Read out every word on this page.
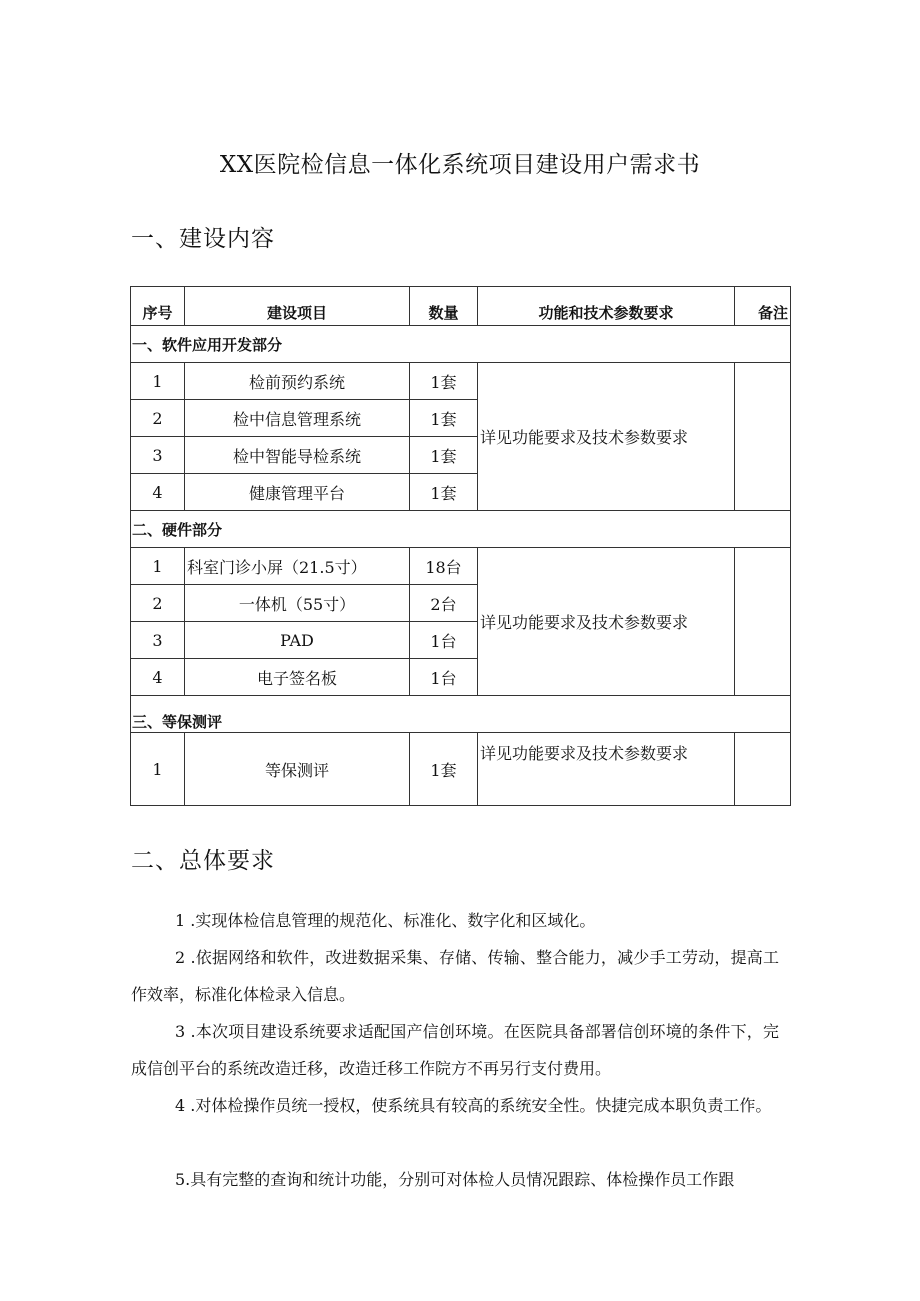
XX医院检信息一体化系统项目建设用户需求书
一、建设内容
序号	建设项目	数量	功能和技术参数要求	备注
一、软件应用开发部分				
1	检前预约系统	1套	详见功能要求及技术参数要求	
2	检中信息管理系统	1套		
3	检中智能导检系统	1套		
4	健康管理平台	1套		
二、硬件部分				
1	科室门诊小屏（21.5寸）	18台	详见功能要求及技术参数要求	
2	一体机（55寸）	2台		
3	PAD	1台		
4	电子签名板	1台		
三、等保测评				
1	等保测评	1套	详见功能要求及技术参数要求	
二、总体要求

1 .实现体检信息管理的规范化、标准化、数字化和区域化。

2 .依据网络和软件，改进数据采集、存储、传输、整合能力，减少手工劳动，提高工作效率，标准化体检录入信息。

3 .本次项目建设系统要求适配国产信创环境。在医院具备部署信创环境的条件下，完成信创平台的系统改造迁移，改造迁移工作院方不再另行支付费用。

4 .对体检操作员统一授权，使系统具有较高的系统安全性。快捷完成本职负责工作。

5.具有完整的查询和统计功能，分别可对体检人员情况跟踪、体检操作员工作跟
